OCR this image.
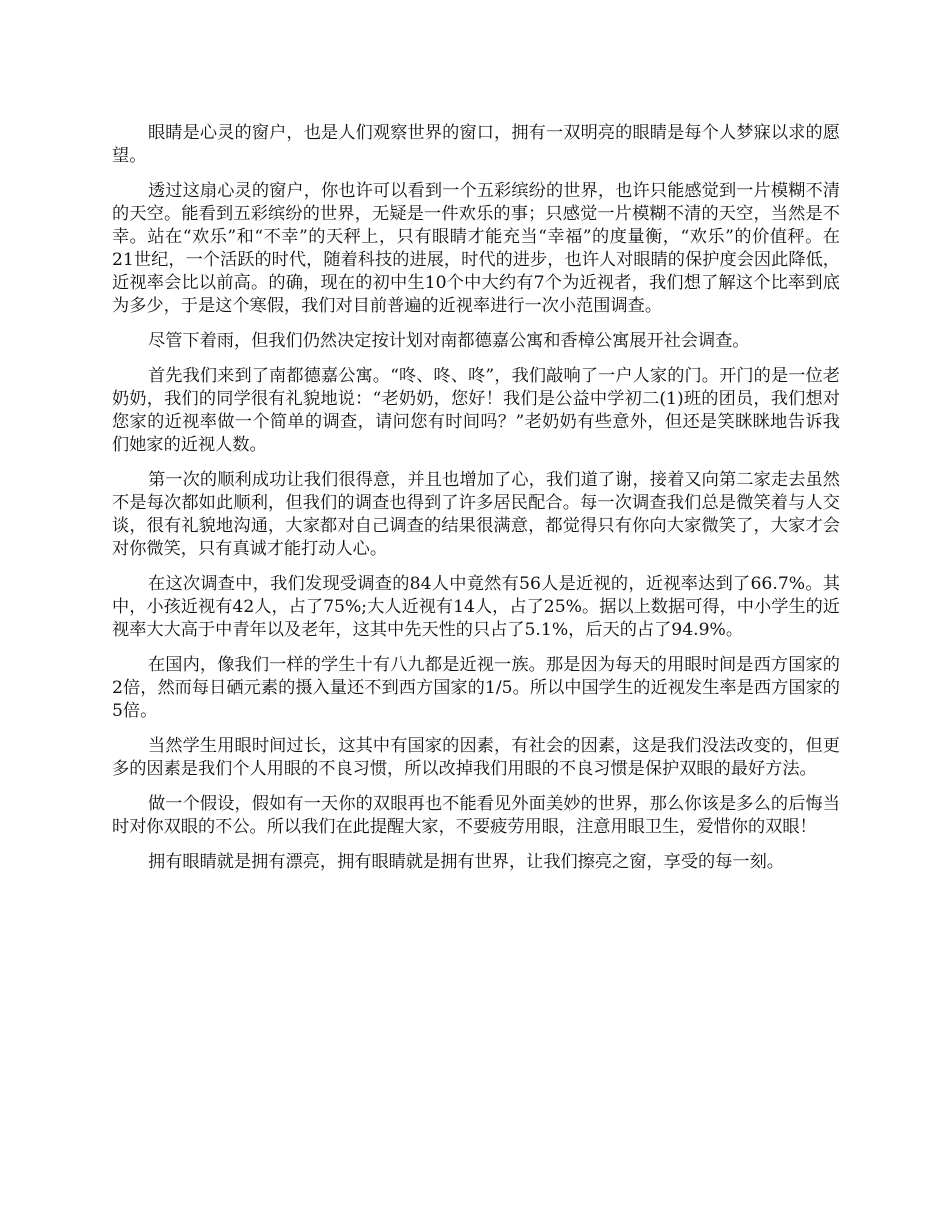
眼睛是心灵的窗户，也是人们观察世界的窗口，拥有一双明亮的眼睛是每个人梦寐以求的愿望。

透过这扇心灵的窗户，你也许可以看到一个五彩缤纷的世界，也许只能感觉到一片模糊不清的天空。能看到五彩缤纷的世界，无疑是一件欢乐的事；只感觉一片模糊不清的天空，当然是不幸。站在“欢乐”和“不幸”的天秤上，只有眼睛才能充当“幸福”的度量衡，“欢乐”的价值秤。在21世纪，一个活跃的时代，随着科技的进展，时代的进步，也许人对眼睛的保护度会因此降低，近视率会比以前高。的确，现在的初中生10个中大约有7个为近视者，我们想了解这个比率到底为多少，于是这个寒假，我们对目前普遍的近视率进行一次小范围调查。

尽管下着雨，但我们仍然决定按计划对南都德嘉公寓和香樟公寓展开社会调查。

首先我们来到了南都德嘉公寓。“咚、咚、咚”，我们敲响了一户人家的门。开门的是一位老奶奶，我们的同学很有礼貌地说：“老奶奶，您好！我们是公益中学初二(1)班的团员，我们想对您家的近视率做一个简单的调查，请问您有时间吗？”老奶奶有些意外，但还是笑眯眯地告诉我们她家的近视人数。

第一次的顺利成功让我们很得意，并且也增加了心，我们道了谢，接着又向第二家走去虽然不是每次都如此顺利，但我们的调查也得到了许多居民配合。每一次调查我们总是微笑着与人交谈，很有礼貌地沟通，大家都对自己调查的结果很满意，都觉得只有你向大家微笑了，大家才会对你微笑，只有真诚才能打动人心。

在这次调查中，我们发现受调查的84人中竟然有56人是近视的，近视率达到了66.7%。其中，小孩近视有42人，占了75%;大人近视有14人，占了25%。据以上数据可得，中小学生的近视率大大高于中青年以及老年，这其中先天性的只占了5.1%，后天的占了94.9%。

在国内，像我们一样的学生十有八九都是近视一族。那是因为每天的用眼时间是西方国家的2倍，然而每日硒元素的摄入量还不到西方国家的1/5。所以中国学生的近视发生率是西方国家的5倍。

当然学生用眼时间过长，这其中有国家的因素，有社会的因素，这是我们没法改变的，但更多的因素是我们个人用眼的不良习惯，所以改掉我们用眼的不良习惯是保护双眼的最好方法。

做一个假设，假如有一天你的双眼再也不能看见外面美妙的世界，那么你该是多么的后悔当时对你双眼的不公。所以我们在此提醒大家，不要疲劳用眼，注意用眼卫生，爱惜你的双眼！

拥有眼睛就是拥有漂亮，拥有眼睛就是拥有世界，让我们擦亮之窗，享受的每一刻。
